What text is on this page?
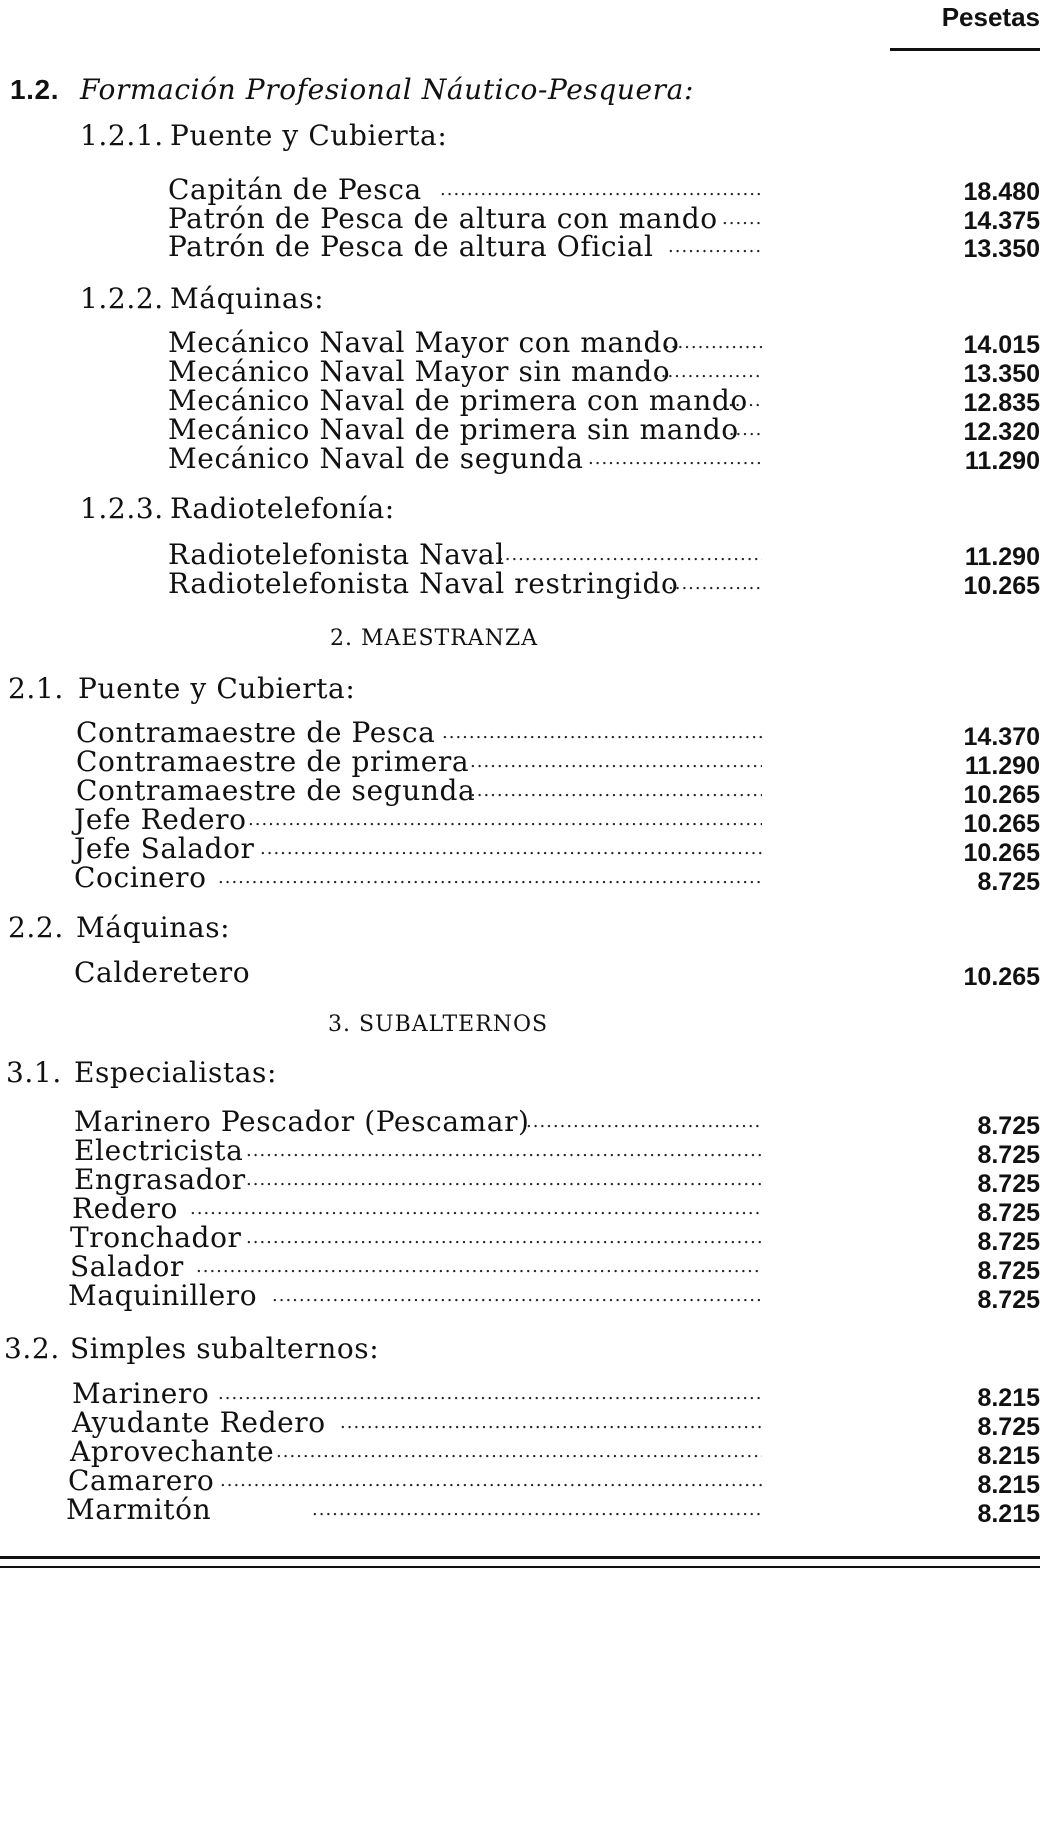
Pesetas
1.2. Formación Profesional Náutico-Pesquera:
1.2.1. Puente y Cubierta:
Capitán de Pesca .....	18.480
Patrón de Pesca de altura con mando .....	14.375
Patrón de Pesca de altura Oficial .....	13.350
1.2.2. Máquinas:
Mecánico Naval Mayor con mando .....	14.015
Mecánico Naval Mayor sin mando .....	13.350
Mecánico Naval de primera con mando .....	12.835
Mecánico Naval de primera sin mando .....	12.320
Mecánico Naval de segunda .....	11.290
1.2.3. Radiotelefonía:
Radiotelefonista Naval .....	11.290
Radiotelefonista Naval restringido .....	10.265
2. MAESTRANZA
2.1. Puente y Cubierta:
Contramaestre de Pesca .....	14.370
Contramaestre de primera .....	11.290
Contramaestre de segunda .....	10.265
Jefe Redero .....	10.265
Jefe Salador .....	10.265
Cocinero .....	8.725
2.2. Máquinas:
Calderetero	10.265
3. SUBALTERNOS
3.1. Especialistas:
Marinero Pescador (Pescamar) .....	8.725
Electricista .....	8.725
Engrasador .....	8.725
Redero .....	8.725
Tronchador .....	8.725
Salador .....	8.725
Maquinillero .....	8.725
3.2. Simples subalternos:
Marinero .....	8.215
Ayudante Redero .....	8.725
Aprovechante .....	8.215
Camarero .....	8.215
Marmitón .....	8.215
